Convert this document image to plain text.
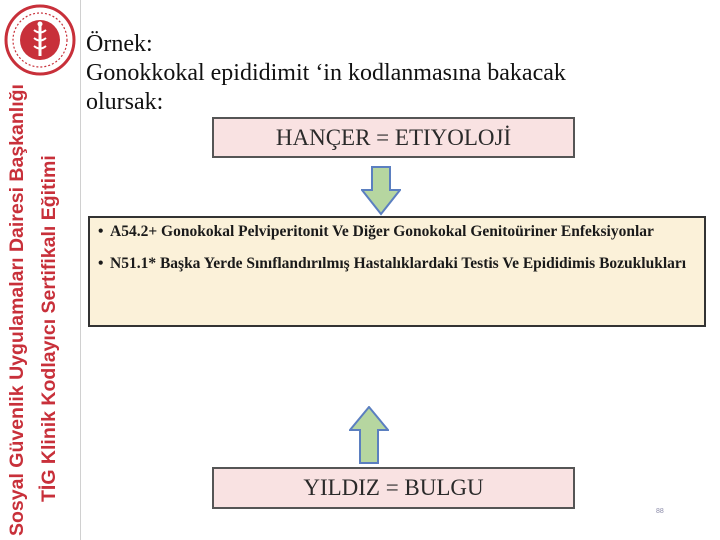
Sosyal Güvenlik Uygulamaları Dairesi Başkanlığı TİG Klinik Kodlayıcı Sertifikalı Eğitimi
Örnek:
Gonokkokal epididimit ‘in kodlanmasına bakacak
olursak:
HANÇER = ETIYOLOJİ
• A54.2+ Gonokokal Pelviperitonit Ve Diğer Gonokokal Genitoüriner Enfeksiyonlar
• N51.1* Başka Yerde Sınıflandırılmış Hastalıklardaki Testis Ve Epididimis Bozuklukları
YILDIZ = BULGU
88
